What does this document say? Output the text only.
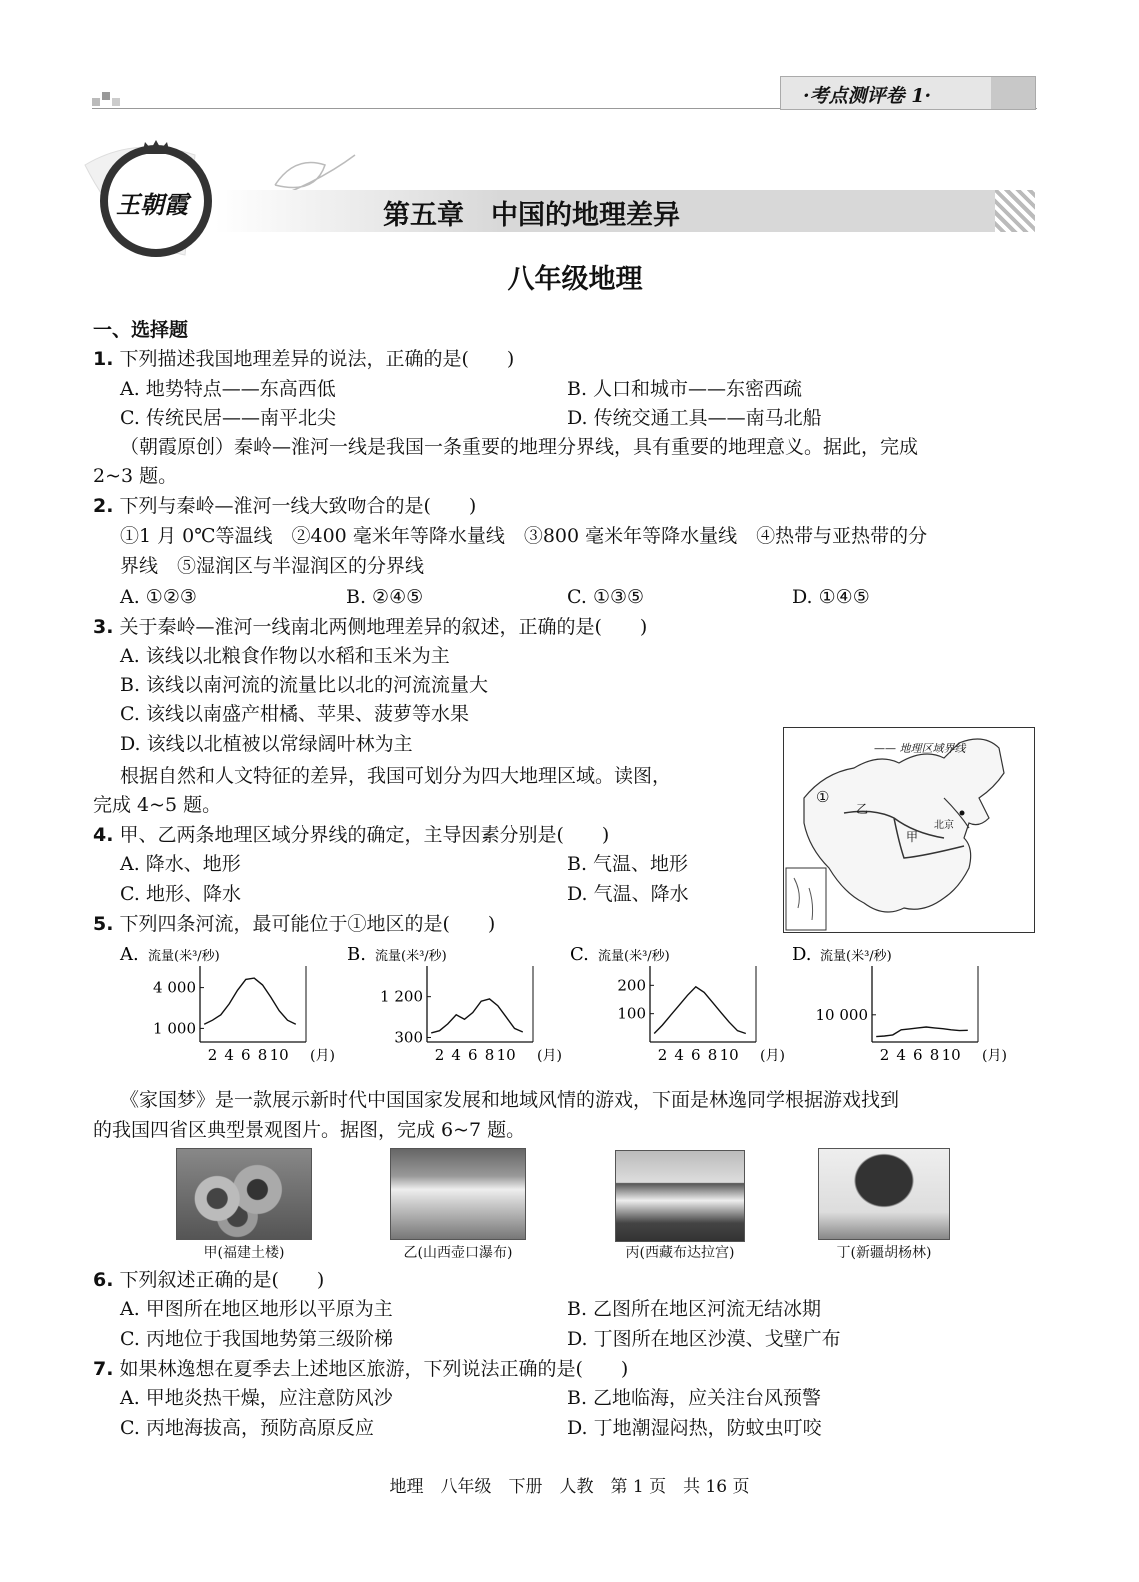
·考点测评卷 1·
王朝霞	第五章　中国的地理差异
八年级地理
一、选择题
1. 下列描述我国地理差异的说法，正确的是(　　)
A. 地势特点——东高西低	B. 人口和城市——东密西疏
C. 传统民居——南平北尖	D. 传统交通工具——南马北船
（朝霞原创）秦岭—淮河一线是我国一条重要的地理分界线，具有重要的地理意义。据此，完成
2~3 题。
2. 下列与秦岭—淮河一线大致吻合的是(　　)
①1 月 0℃等温线　②400 毫米年等降水量线　③800 毫米年等降水量线　④热带与亚热带的分
界线　⑤湿润区与半湿润区的分界线
A. ①②③	B. ②④⑤	C. ①③⑤	D. ①④⑤
3. 关于秦岭—淮河一线南北两侧地理差异的叙述，正确的是(　　)
A. 该线以北粮食作物以水稻和玉米为主
B. 该线以南河流的流量比以北的河流流量大
C. 该线以南盛产柑橘、苹果、菠萝等水果
D. 该线以北植被以常绿阔叶林为主
根据自然和人文特征的差异，我国可划分为四大地理区域。读图，
完成 4~5 题。
—— 地理区域界线
①
乙
甲
北京
4. 甲、乙两条地理区域分界线的确定，主导因素分别是(　　)
A. 降水、地形	B. 气温、地形
C. 地形、降水	D. 气温、降水
5. 下列四条河流，最可能位于①地区的是(　　)
A. 流量(米³/秒)
4 000
1 000
2 4 6 8 10 (月)
B. 流量(米³/秒)
1 200
300
2 4 6 8 10 (月)
C. 流量(米³/秒)
200
100
2 4 6 8 10 (月)
D. 流量(米³/秒)
10 000
2 4 6 8 10 (月)
《家国梦》是一款展示新时代中国国家发展和地域风情的游戏，下面是林逸同学根据游戏找到
的我国四省区典型景观图片。据图，完成 6~7 题。
甲(福建土楼)	乙(山西壶口瀑布)	丙(西藏布达拉宫)	丁(新疆胡杨林)
6. 下列叙述正确的是(　　)
A. 甲图所在地区地形以平原为主	B. 乙图所在地区河流无结冰期
C. 丙地位于我国地势第三级阶梯	D. 丁图所在地区沙漠、戈壁广布
7. 如果林逸想在夏季去上述地区旅游，下列说法正确的是(　　)
A. 甲地炎热干燥，应注意防风沙	B. 乙地临海，应关注台风预警
C. 丙地海拔高，预防高原反应	D. 丁地潮湿闷热，防蚊虫叮咬
地理　八年级　下册　人教　第 1 页　共 16 页
